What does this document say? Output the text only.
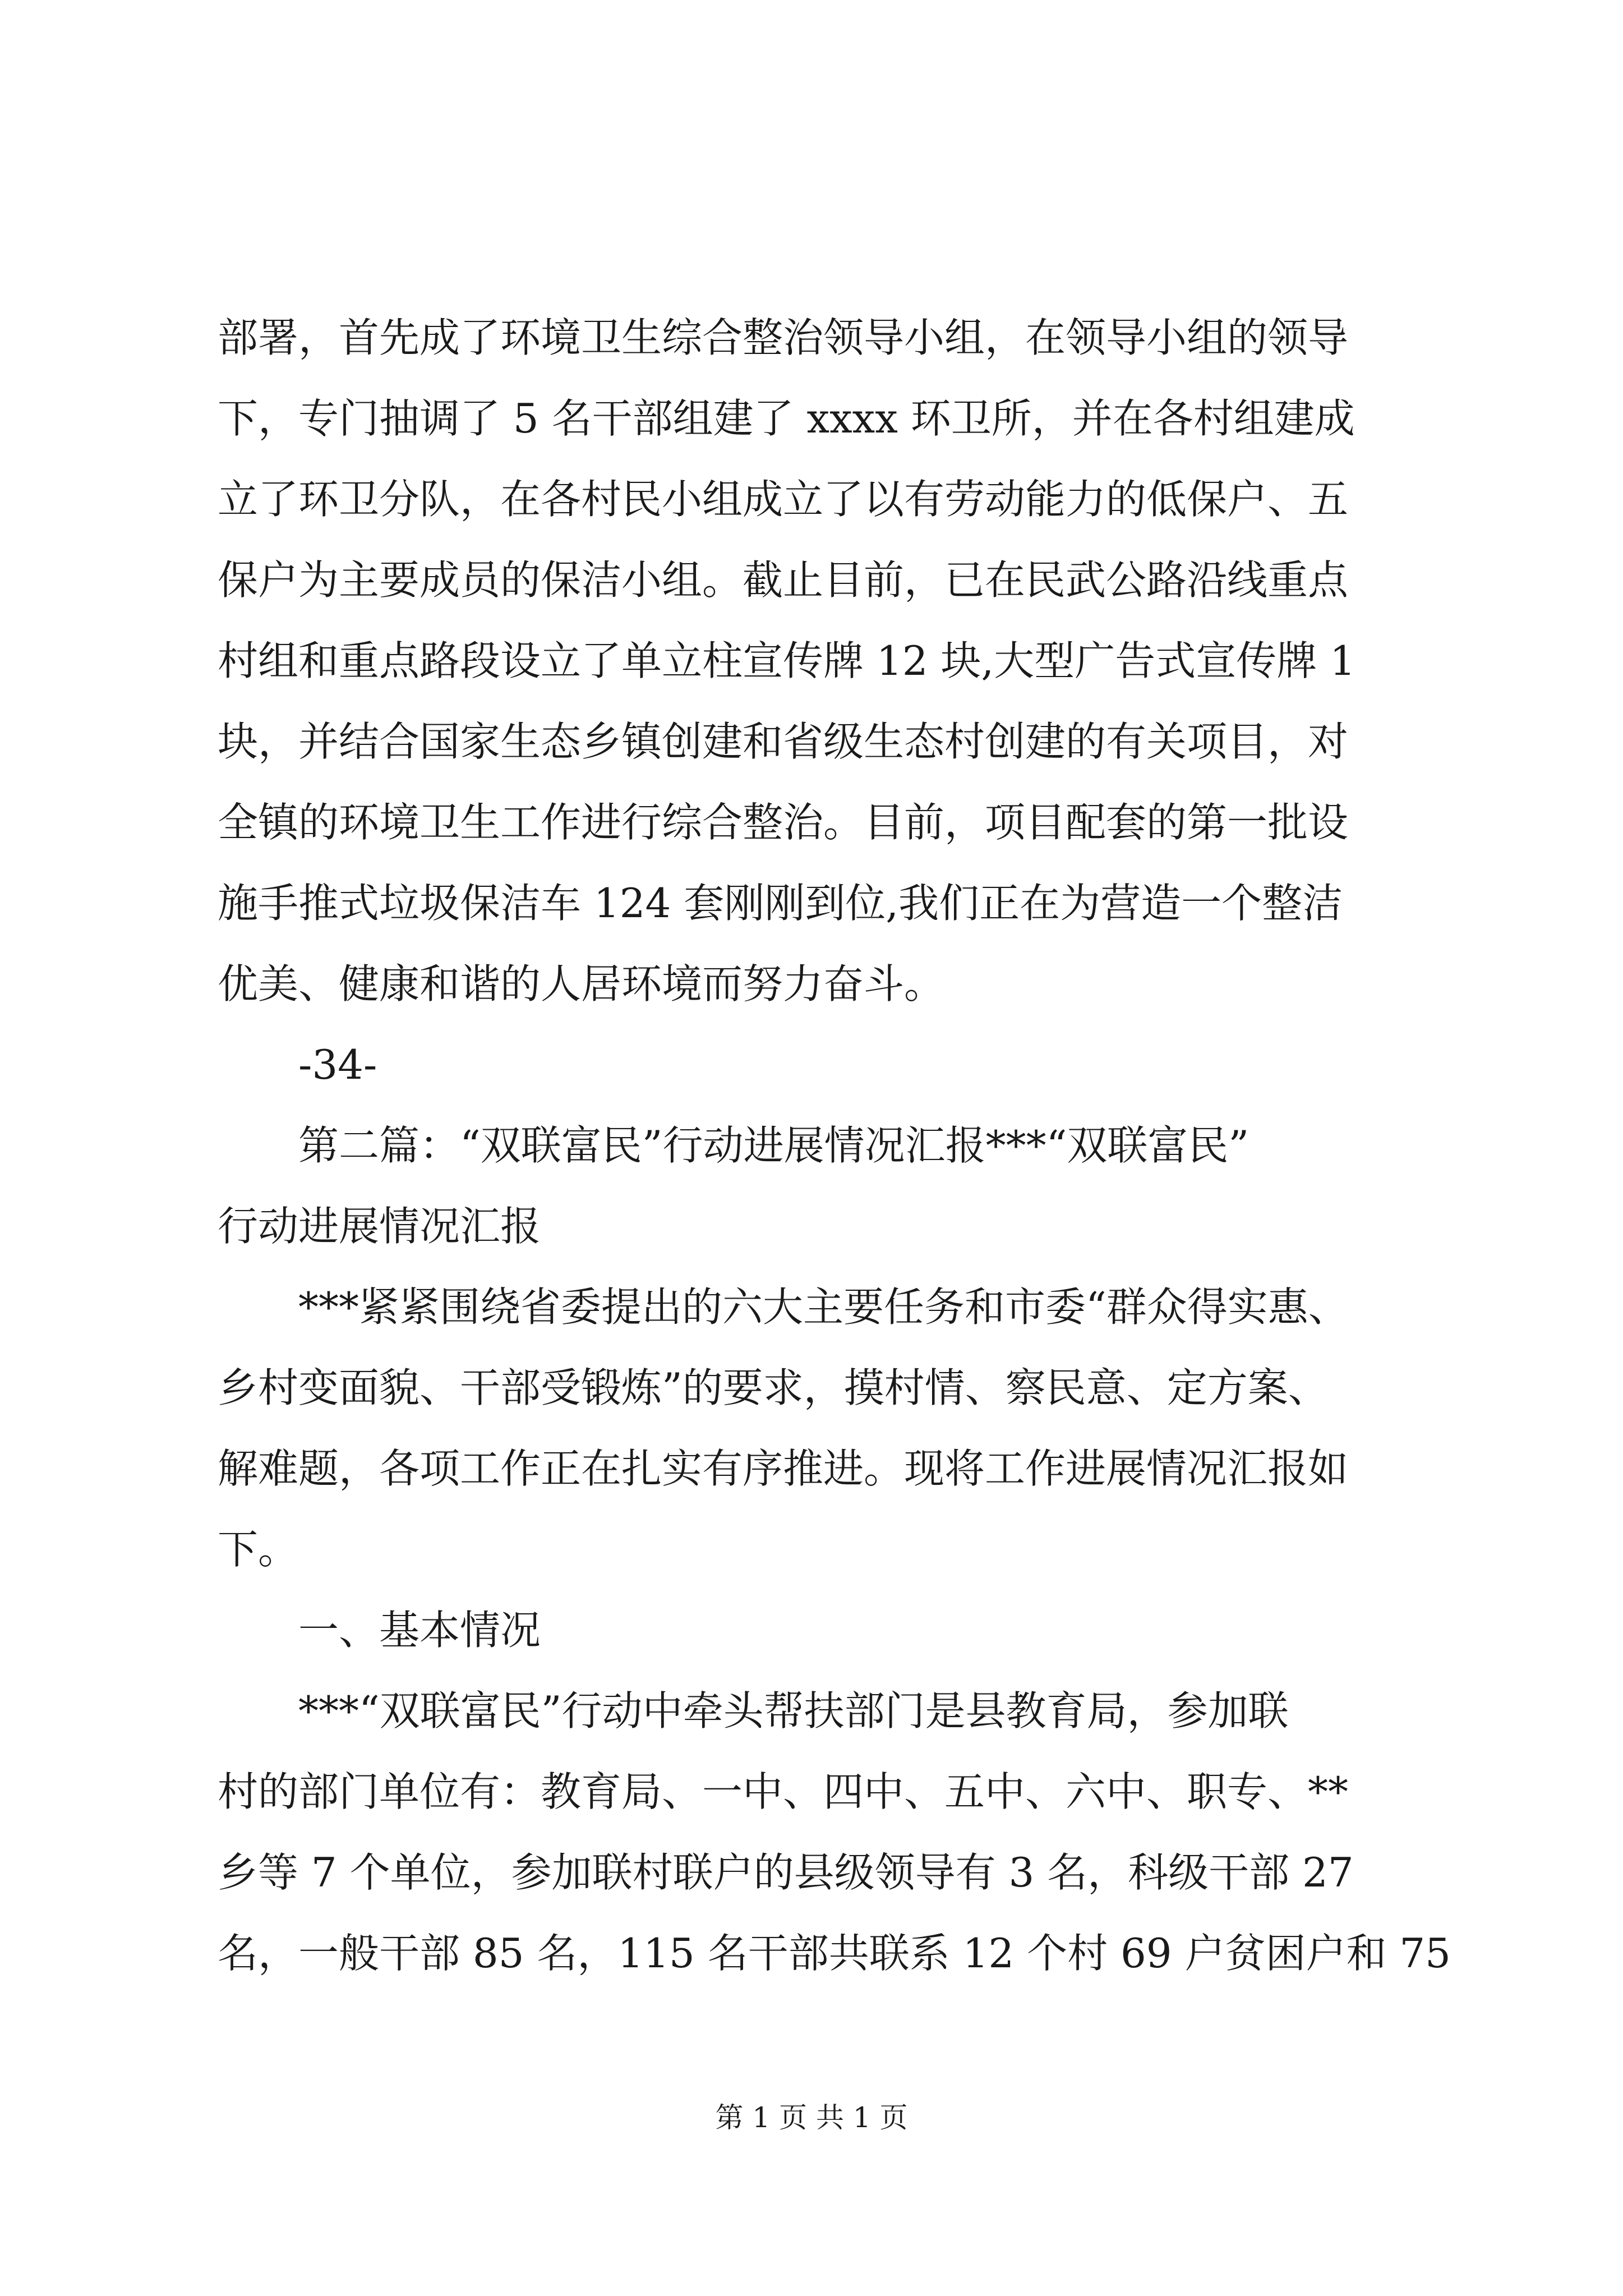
部署，首先成了环境卫生综合整治领导小组，在领导小组的领导
下，专门抽调了 5 名干部组建了 xxxx 环卫所，并在各村组建成
立了环卫分队，在各村民小组成立了以有劳动能力的低保户、五
保户为主要成员的保洁小组。截止目前，已在民武公路沿线重点
村组和重点路段设立了单立柱宣传牌 12 块,大型广告式宣传牌 1
块，并结合国家生态乡镇创建和省级生态村创建的有关项目，对
全镇的环境卫生工作进行综合整治。目前，项目配套的第一批设
施手推式垃圾保洁车 124 套刚刚到位,我们正在为营造一个整洁
优美、健康和谐的人居环境而努力奋斗。
-34-
第二篇：“双联富民”行动进展情况汇报***“双联富民”
行动进展情况汇报
***紧紧围绕省委提出的六大主要任务和市委“群众得实惠、
乡村变面貌、干部受锻炼”的要求，摸村情、察民意、定方案、
解难题，各项工作正在扎实有序推进。现将工作进展情况汇报如
下。
一、基本情况
***“双联富民”行动中牵头帮扶部门是县教育局，参加联
村的部门单位有：教育局、一中、四中、五中、六中、职专、**
乡等 7 个单位，参加联村联户的县级领导有 3 名，科级干部 27
名，一般干部 85 名，115 名干部共联系 12 个村 69 户贫困户和 75
第 1 页 共 1 页
